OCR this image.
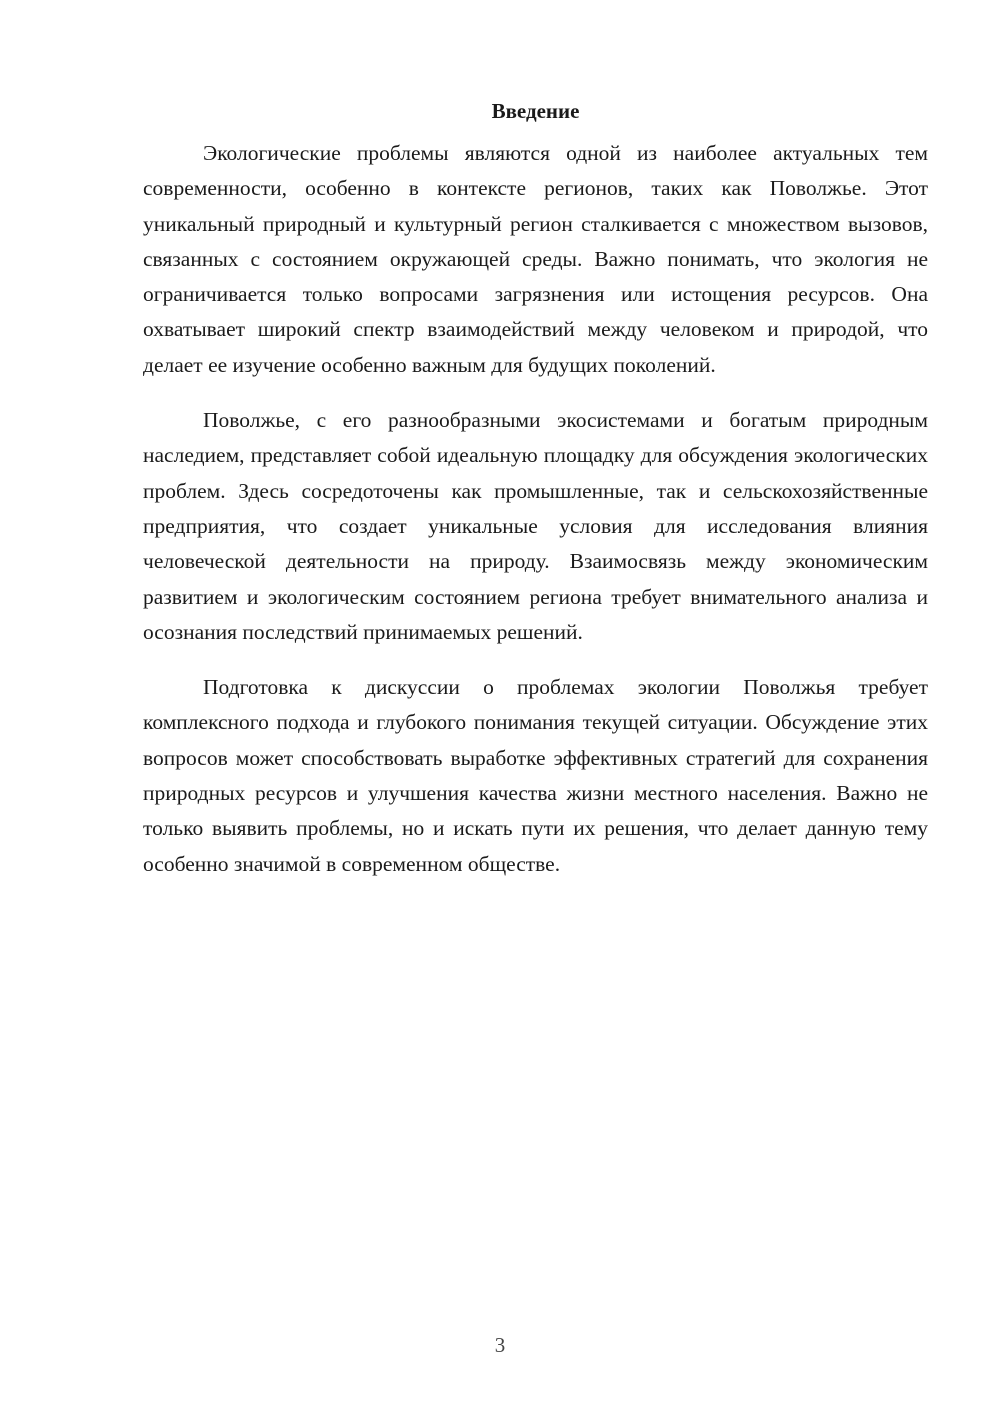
Введение

Экологические проблемы являются одной из наиболее актуальных тем современности, особенно в контексте регионов, таких как Поволжье. Этот уникальный природный и культурный регион сталкивается с множеством вызовов, связанных с состоянием окружающей среды. Важно понимать, что экология не ограничивается только вопросами загрязнения или истощения ресурсов. Она охватывает широкий спектр взаимодействий между человеком и природой, что делает ее изучение особенно важным для будущих поколений.

Поволжье, с его разнообразными экосистемами и богатым природным наследием, представляет собой идеальную площадку для обсуждения экологических проблем. Здесь сосредоточены как промышленные, так и сельскохозяйственные предприятия, что создает уникальные условия для исследования влияния человеческой деятельности на природу. Взаимосвязь между экономическим развитием и экологическим состоянием региона требует внимательного анализа и осознания последствий принимаемых решений.

Подготовка к дискуссии о проблемах экологии Поволжья требует комплексного подхода и глубокого понимания текущей ситуации. Обсуждение этих вопросов может способствовать выработке эффективных стратегий для сохранения природных ресурсов и улучшения качества жизни местного населения. Важно не только выявить проблемы, но и искать пути их решения, что делает данную тему особенно значимой в современном обществе.

3
